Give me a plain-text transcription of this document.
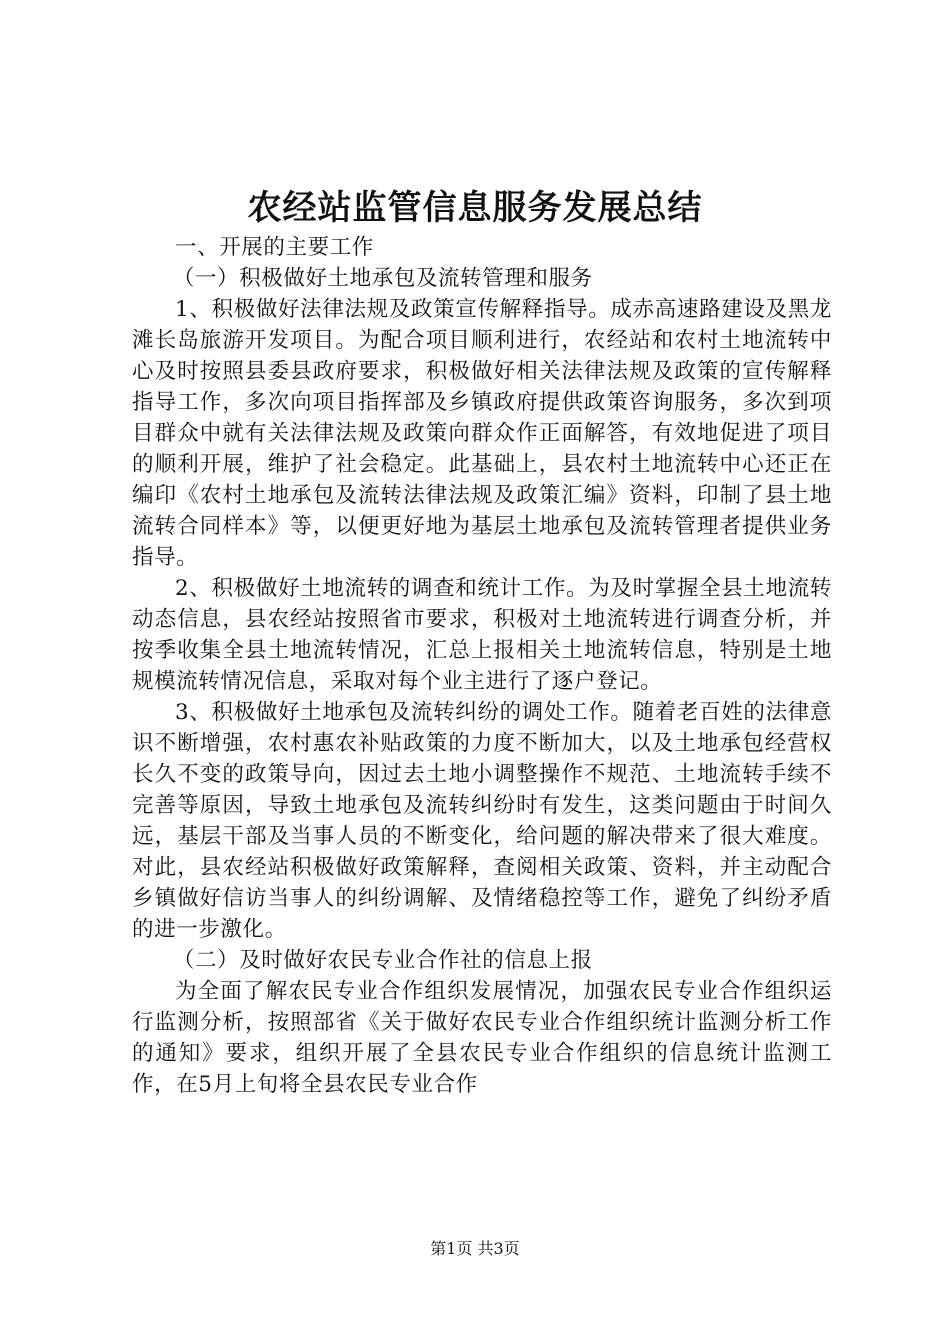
农经站监管信息服务发展总结

一、开展的主要工作

（一）积极做好土地承包及流转管理和服务

1、积极做好法律法规及政策宣传解释指导。成赤高速路建设及黑龙滩长岛旅游开发项目。为配合项目顺利进行，农经站和农村土地流转中心及时按照县委县政府要求，积极做好相关法律法规及政策的宣传解释指导工作，多次向项目指挥部及乡镇政府提供政策咨询服务，多次到项目群众中就有关法律法规及政策向群众作正面解答，有效地促进了项目的顺利开展，维护了社会稳定。此基础上，县农村土地流转中心还正在编印《农村土地承包及流转法律法规及政策汇编》资料，印制了县土地流转合同样本》等，以便更好地为基层土地承包及流转管理者提供业务指导。

2、积极做好土地流转的调查和统计工作。为及时掌握全县土地流转动态信息，县农经站按照省市要求，积极对土地流转进行调查分析，并按季收集全县土地流转情况，汇总上报相关土地流转信息，特别是土地规模流转情况信息，采取对每个业主进行了逐户登记。

3、积极做好土地承包及流转纠纷的调处工作。随着老百姓的法律意识不断增强，农村惠农补贴政策的力度不断加大，以及土地承包经营权长久不变的政策导向，因过去土地小调整操作不规范、土地流转手续不完善等原因，导致土地承包及流转纠纷时有发生，这类问题由于时间久远，基层干部及当事人员的不断变化，给问题的解决带来了很大难度。对此，县农经站积极做好政策解释，查阅相关政策、资料，并主动配合乡镇做好信访当事人的纠纷调解、及情绪稳控等工作，避免了纠纷矛盾的进一步激化。

（二）及时做好农民专业合作社的信息上报

为全面了解农民专业合作组织发展情况，加强农民专业合作组织运行监测分析，按照部省《关于做好农民专业合作组织统计监测分析工作的通知》要求，组织开展了全县农民专业合作组织的信息统计监测工作，在5月上旬将全县农民专业合作

第1页 共3页
